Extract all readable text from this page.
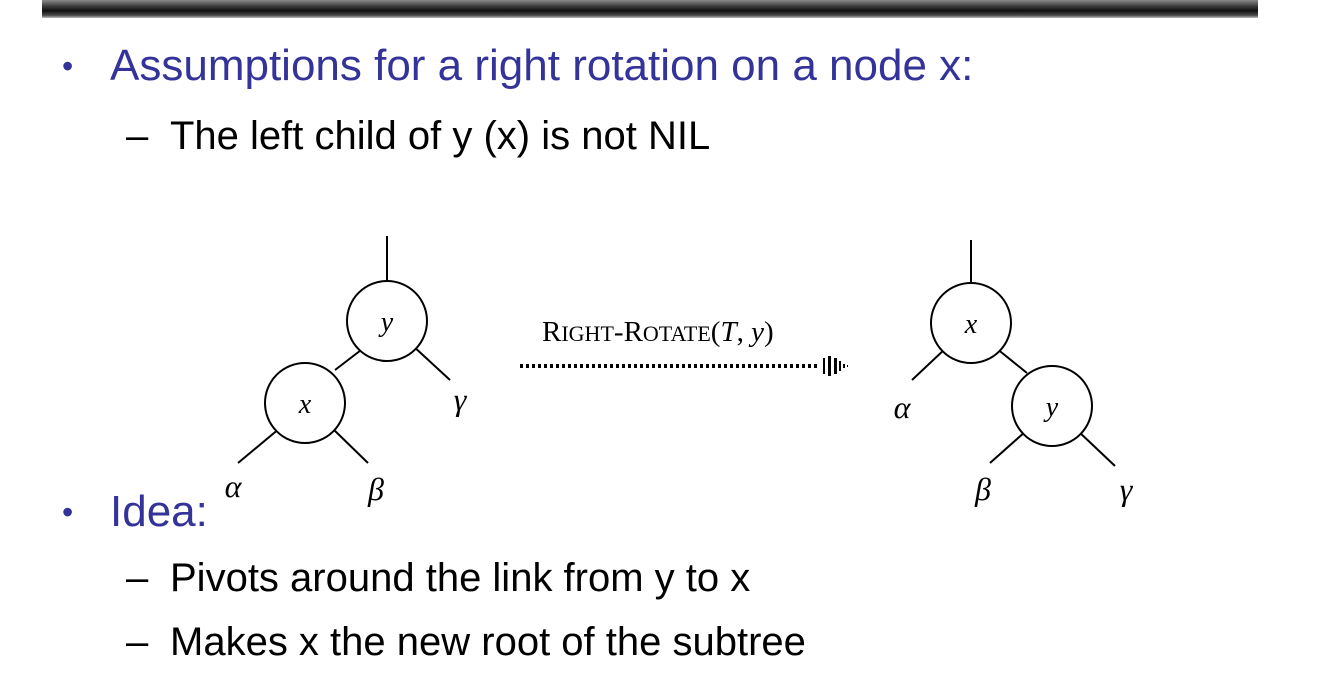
• Assumptions for a right rotation on a node x:
– The left child of y (x) is not NIL
y
x
α	β
γ
RIGHT-ROTATE(T, y)	x
y
α
β	γ
• Idea:
– Pivots around the link from y to x
– Makes x the new root of the subtree
